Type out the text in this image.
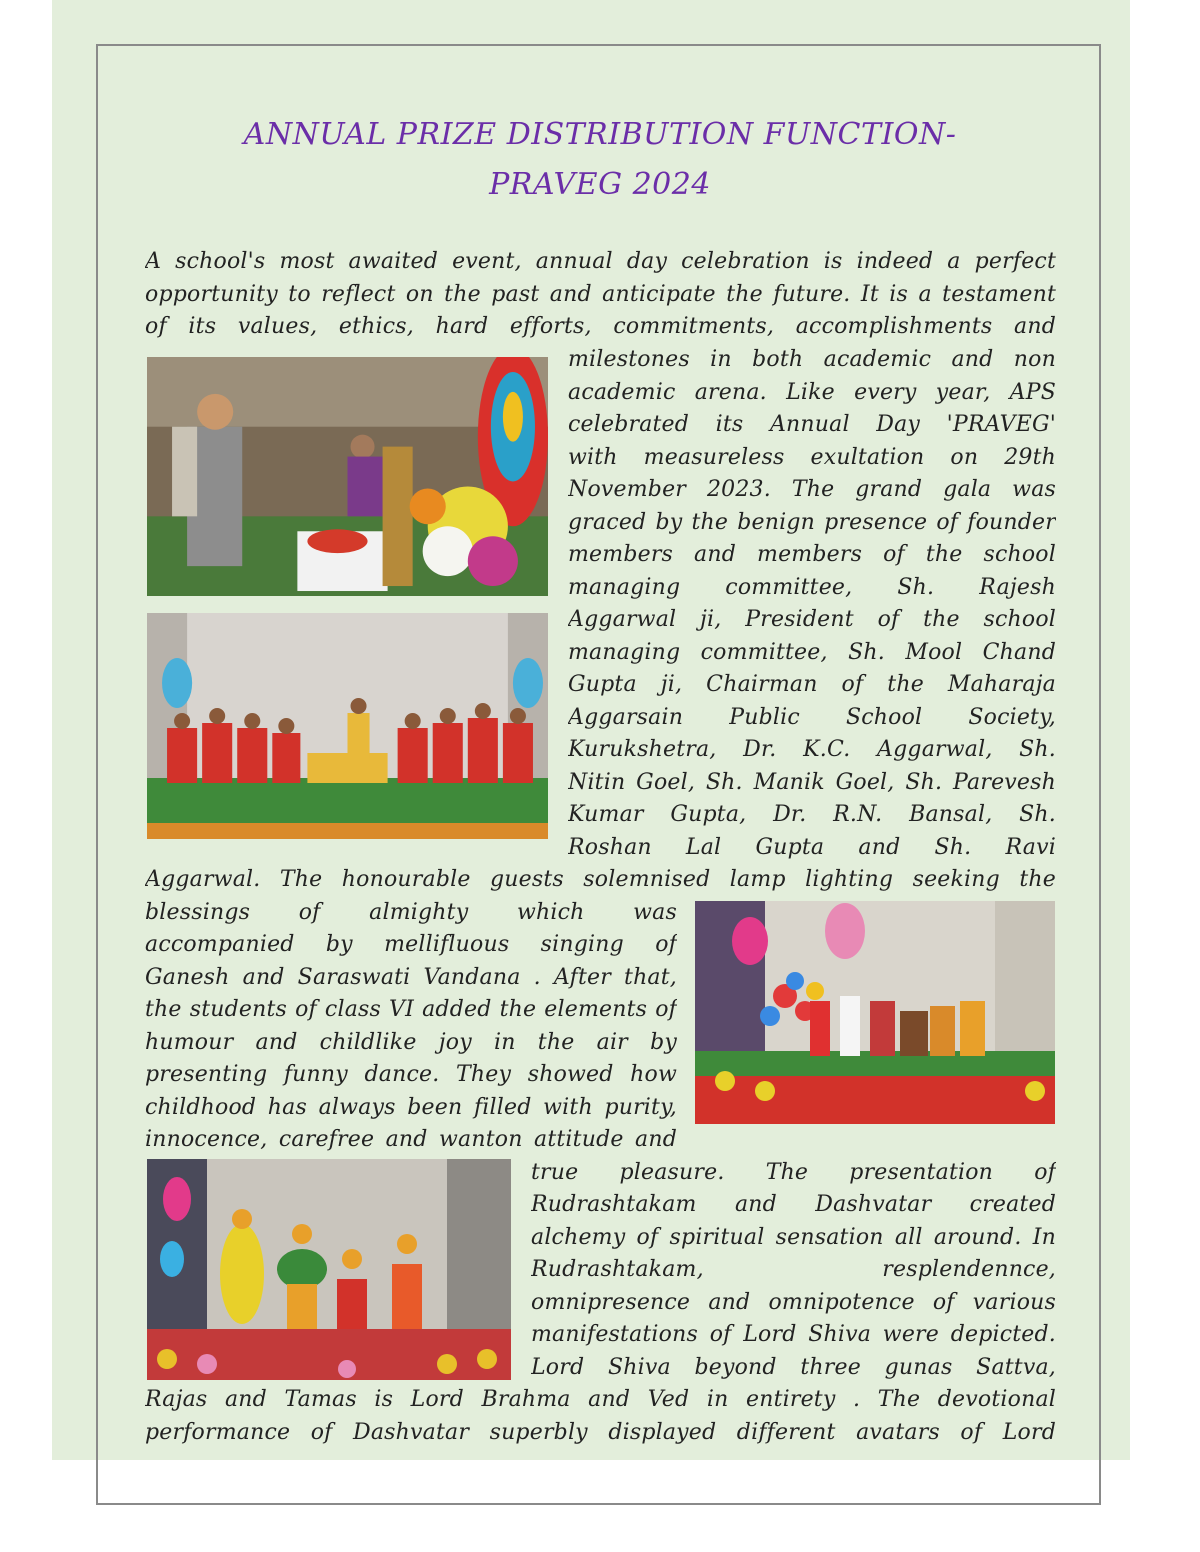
ANNUAL PRIZE DISTRIBUTION FUNCTION-
PRAVEG 2024
A school's most awaited event, annual day celebration is indeed a perfect
opportunity to reflect on the past and anticipate the future. It is a testament
of its values, ethics, hard efforts, commitments, accomplishments and
milestones in both academic and non
academic arena. Like every year, APS
celebrated its Annual Day 'PRAVEG'
with measureless exultation on 29th
November 2023. The grand gala was
graced by the benign presence of founder
members and members of the school
managing committee, Sh. Rajesh
Aggarwal ji, President of the school
managing committee, Sh. Mool Chand
Gupta ji, Chairman of the Maharaja
Aggarsain Public School Society,
Kurukshetra, Dr. K.C. Aggarwal, Sh.
Nitin Goel, Sh. Manik Goel, Sh. Parevesh
Kumar Gupta, Dr. R.N. Bansal, Sh.
Roshan Lal Gupta and Sh. Ravi
Aggarwal. The honourable guests solemnised lamp lighting seeking the
blessings of almighty which was
accompanied by mellifluous singing of
Ganesh and Saraswati Vandana . After that,
the students of class VI added the elements of
humour and childlike joy in the air by
presenting funny dance. They showed how
childhood has always been filled with purity,
innocence, carefree and wanton attitude and
true pleasure. The presentation of
Rudrashtakam and Dashvatar created
alchemy of spiritual sensation all around. In
Rudrashtakam, resplendennce,
omnipresence and omnipotence of various
manifestations of Lord Shiva were depicted.
Lord Shiva beyond three gunas Sattva,
Rajas and Tamas is Lord Brahma and Ved in entirety . The devotional
performance of Dashvatar superbly displayed different avatars of Lord
